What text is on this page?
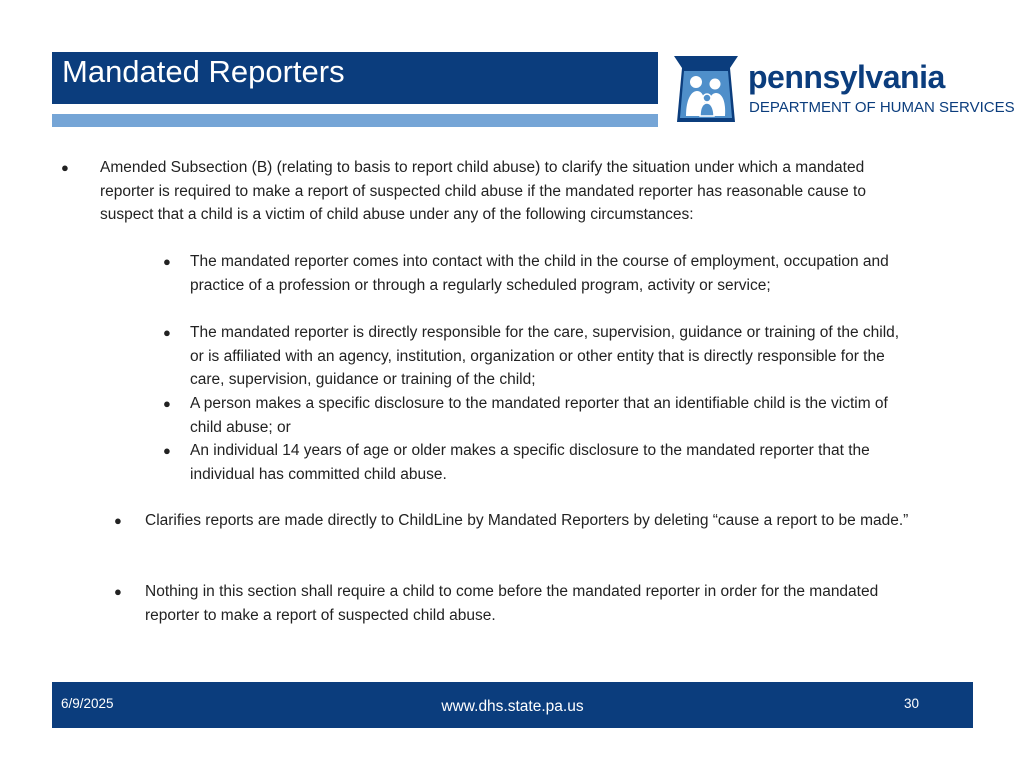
Mandated Reporters	pennsylvania
DEPARTMENT OF HUMAN SERVICES
● Amended Subsection (B) (relating to basis to report child abuse) to clarify the situation under which a mandated reporter is required to make a report of suspected child abuse if the mandated reporter has reasonable cause to suspect that a child is a victim of child abuse under any of the following circumstances:
● The mandated reporter comes into contact with the child in the course of employment, occupation and practice of a profession or through a regularly scheduled program, activity or service;
● The mandated reporter is directly responsible for the care, supervision, guidance or training of the child, or is affiliated with an agency, institution, organization or other entity that is directly responsible for the care, supervision, guidance or training of the child;
● A person makes a specific disclosure to the mandated reporter that an identifiable child is the victim of child abuse; or
● An individual 14 years of age or older makes a specific disclosure to the mandated reporter that the individual has committed child abuse.
● Clarifies reports are made directly to ChildLine by Mandated Reporters by deleting “cause a report to be made.”
● Nothing in this section shall require a child to come before the mandated reporter in order for the mandated reporter to make a report of suspected child abuse.
6/9/2025	www.dhs.state.pa.us	30
